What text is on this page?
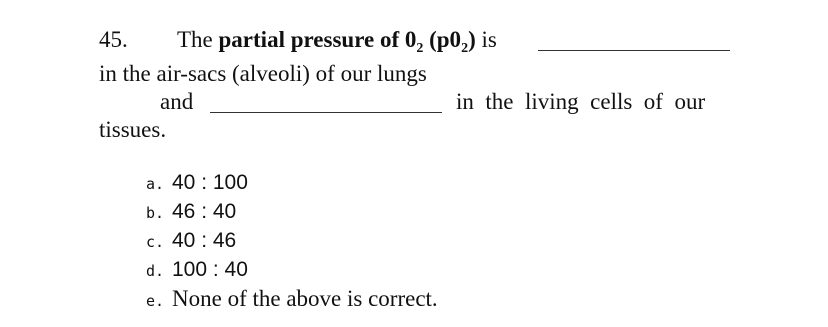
45. The partial pressure of $0_2$ $(p0_2)$ is
in the air-sacs (alveoli) of our lungs
and	in  the  living  cells  of  our
tissues.
a. 40 : 100
b. 46 : 40
c. 40 : 46
d. 100 : 40
e. None of the above is correct.
